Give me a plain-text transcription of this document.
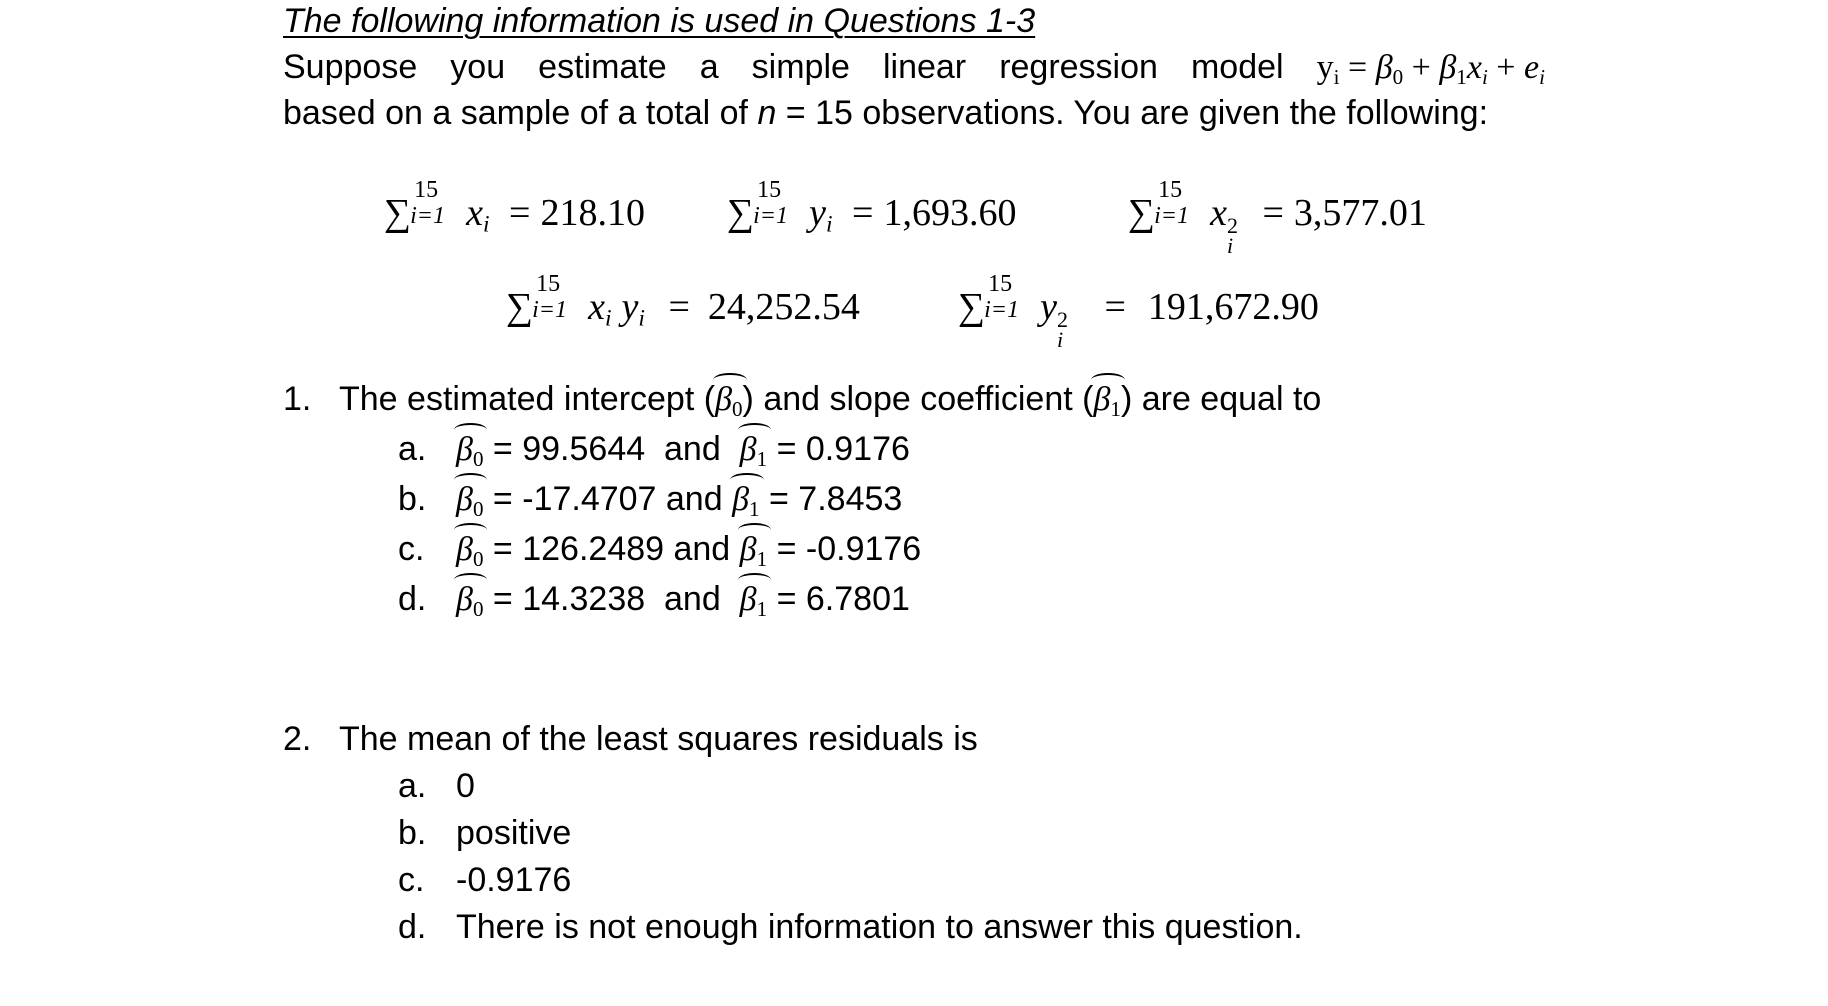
The following information is used in Questions 1-3
Suppose you estimate a simple linear regression model $y_i = \beta_0 + \beta_1x_i + e_i$
based on a sample of a total of n = 15 observations. You are given the following:
∑
15
i=1 $x_i = 218.10$ ∑
15
i=1 $y_i = 1,693.60$	∑
15
i=1 x 2
i
= 3,577.01
∑
15
i=1 $x_i$ $y_i = 24,252.54$	∑
15
i=1 y 2
i
= 191,672.90
1. The estimated intercept (
$\beta_0$) and slope coefficient (
$\beta_1$) are equal to
a. $\beta_0 = 99.5644$  and
$\beta_1 = 0.9176$
b. $\beta_0 = -17.4707$ and
$\beta_1 = 7.8453$
c. $\beta_0 = 126.2489$ and
$\beta_1 = -0.9176$
d. $\beta_0 = 14.3238$  and
$\beta_1 = 6.7801$
2. The mean of the least squares residuals is
a. 0
b. positive
c. -0.9176
d. There is not enough information to answer this question.
